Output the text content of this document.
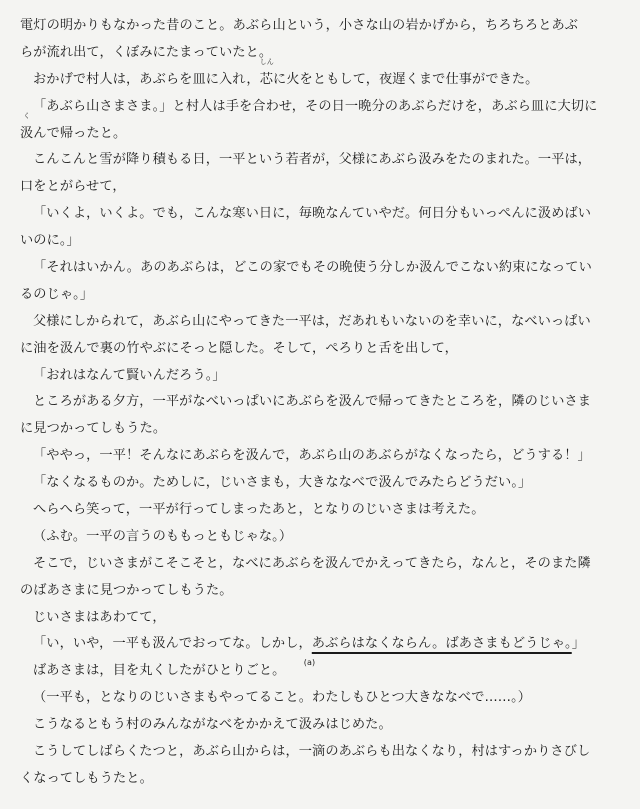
電灯の明かりもなかった昔のこと。あぶら山という，小さな山の岩かげから，ちろちろとあぶ
らが流れ出て，くぼみにたまっていたと。
おかげで村人は，あぶらを皿に入れ，
しん
芯に火をともして，夜遅くまで仕事ができた。
「あぶら山さまさま。」と村人は手を合わせ，その日一晩分のあぶらだけを，あぶら皿に大切に
く
汲んで帰ったと。
こんこんと雪が降り積もる日，一平という若者が，父様にあぶら汲みをたのまれた。一平は，
口をとがらせて，
「いくよ，いくよ。でも，こんな寒い日に，毎晩なんていやだ。何日分もいっぺんに汲めばい
いのに。」
「それはいかん。あのあぶらは，どこの家でもその晩使う分しか汲んでこない約束になってい
るのじゃ。」
父様にしかられて，あぶら山にやってきた一平は，だあれもいないのを幸いに，なべいっぱい
に油を汲んで裏の竹やぶにそっと隠した。そして，ぺろりと舌を出して，
「おれはなんて賢いんだろう。」
ところがある夕方，一平がなべいっぱいにあぶらを汲んで帰ってきたところを，隣のじいさま
に見つかってしもうた。
「ややっ，一平！そんなにあぶらを汲んで，あぶら山のあぶらがなくなったら，どうする！」
「なくなるものか。ためしに，じいさまも，大きななべで汲んでみたらどうだい。」
へらへら笑って，一平が行ってしまったあと，となりのじいさまは考えた。
（ふむ。一平の言うのももっともじゃな。）
そこで，じいさまがこそこそと，なべにあぶらを汲んでかえってきたら，なんと，そのまた隣
のばあさまに見つかってしもうた。
じいさまはあわてて，
「い，いや，一平も汲んでおってな。しかし，
(a)
あぶらはなくならん。ばあさまもどうじゃ。」
ばあさまは，目を丸くしたがひとりごと。
（一平も，となりのじいさまもやってること。わたしもひとつ大きななべで……。）
こうなるともう村のみんながなべをかかえて汲みはじめた。
こうしてしばらくたつと，あぶら山からは，一滴のあぶらも出なくなり，村はすっかりさびし
くなってしもうたと。
